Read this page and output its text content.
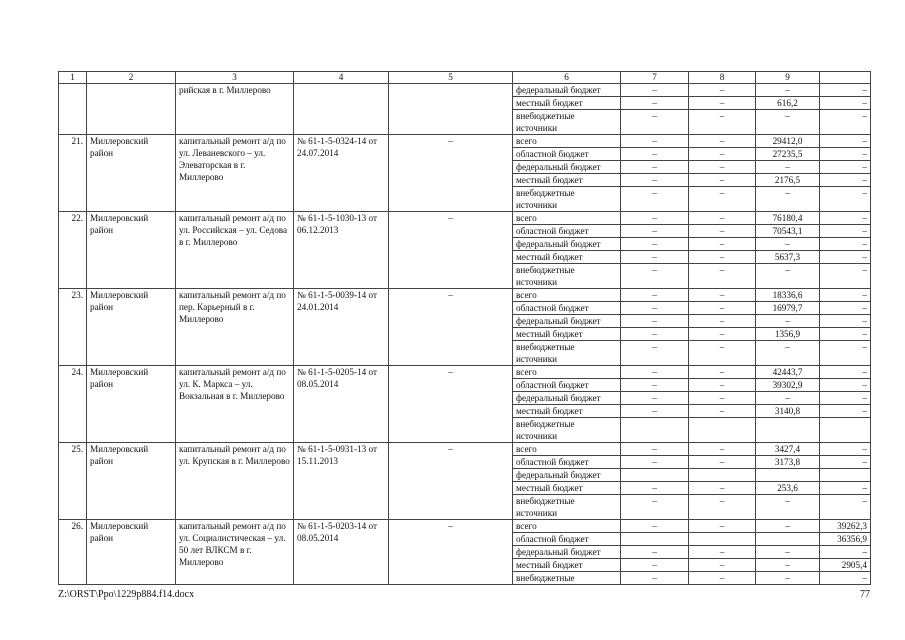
1	2	3	4	5	6	7	8	9	
		рийская в г. Миллерово			федеральный бюджет	–	–	–	–
					местный бюджет	–	–	616,2	–
					внебюджетные источники	–	–	–	–
21.	Миллеровский район	капитальный ремонт а/д по ул. Леваневского – ул. Элеваторская в г. Миллерово	№ 61-1-5-0324-14 от 24.07.2014	–	всего	–	–	29412,0	–
					областной бюджет	–	–	27235,5	–
					федеральный бюджет	–	–	–	–
					местный бюджет	–	–	2176,5	–
					внебюджетные источники	–	–	–	–
22.	Миллеровский район	капитальный ремонт а/д по ул. Российская – ул. Седова в г. Миллерово	№ 61-1-5-1030-13 от 06.12.2013	–	всего	–	–	76180,4	–
					областной бюджет	–	–	70543,1	–
					федеральный бюджет	–	–	–	–
					местный бюджет	–	–	5637,3	–
					внебюджетные источники	–	–	–	–
23.	Миллеровский район	капитальный ремонт а/д по пер. Карьерный в г. Миллерово	№ 61-1-5-0039-14 от 24.01.2014	–	всего	–	–	18336,6	–
					областной бюджет	–	–	16979,7	–
					федеральный бюджет	–	–	–	–
					местный бюджет	–	–	1356,9	–
					внебюджетные источники	–	–	–	–
24.	Миллеровский район	капитальный ремонт а/д по ул. К. Маркса – ул. Вокзальная в г. Миллерово	№ 61-1-5-0205-14 от 08.05.2014	–	всего	–	–	42443,7	–
					областной бюджет	–	–	39302,9	–
					федеральный бюджет	–	–	–	–
					местный бюджет	–	–	3140,8	–
					внебюджетные источники				
25.	Миллеровский район	капитальный ремонт а/д по ул. Крупская в г. Миллерово	№ 61-1-5-0931-13 от 15.11.2013	–	всего	–	–	3427,4	–
					областной бюджет	–	–	3173,8	–
					федеральный бюджет				
					местный бюджет	–	–	253,6	–
					внебюджетные источники	–	–	–	–
26.	Миллеровский район	капитальный ремонт а/д по ул. Социалистическая – ул. 50 лет ВЛКСМ в г. Миллерово	№ 61-1-5-0203-14 от 08.05.2014	–	всего	–	–	–	39262,3
					областной бюджет				36356,9
					федеральный бюджет	–	–	–	–
					местный бюджет	–	–	–	2905,4
					внебюджетные	–	–	–	–
Z:\ORST\Ppo\1229p884.f14.docx	77
